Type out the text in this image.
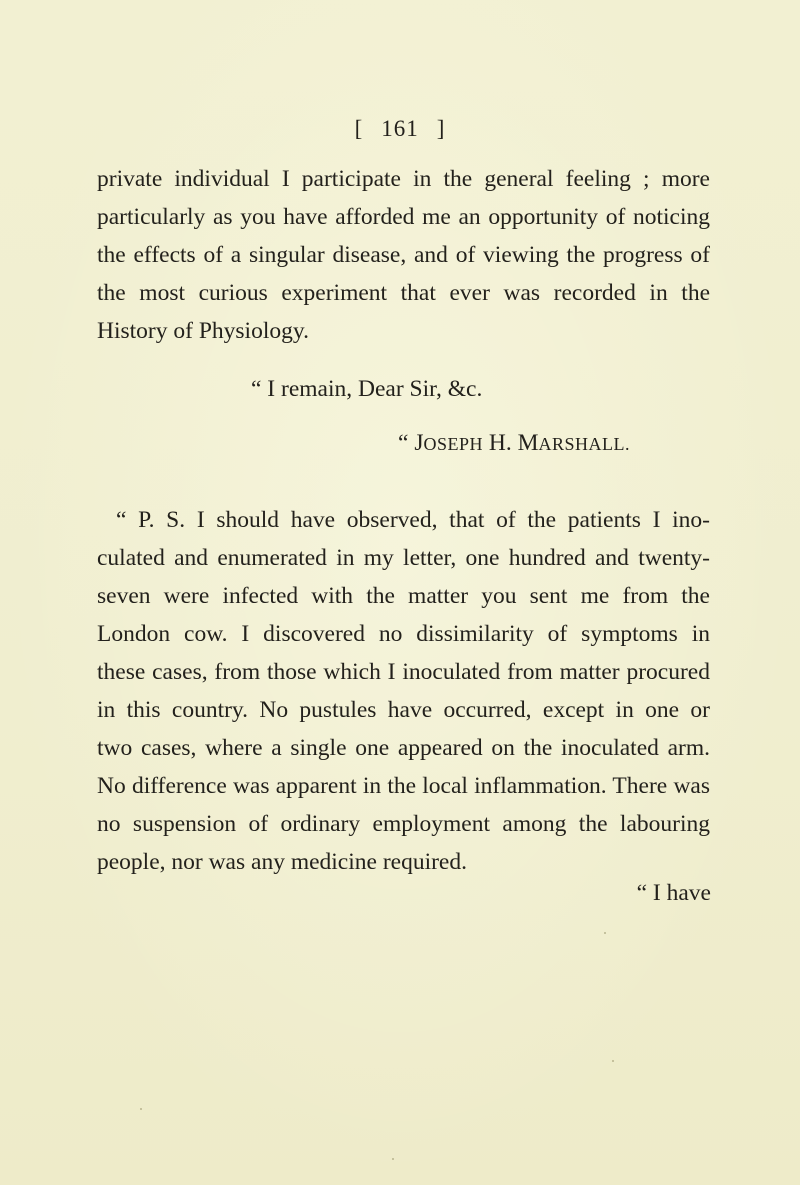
[ 161 ]
private individual I participate in the general feeling ; more
particularly as you have afforded me an opportunity of noticing
the effects of a singular disease, and of viewing the progress of
the most curious experiment that ever was recorded in the
History of Physiology.
“ I remain, Dear Sir, &c.
“ JOSEPH H. MARSHALL.
“ P. S. I should have observed, that of the patients I ino-
culated and enumerated in my letter, one hundred and twenty-
seven were infected with the matter you sent me from the
London cow. I discovered no dissimilarity of symptoms in
these cases, from those which I inoculated from matter procured
in this country. No pustules have occurred, except in one or
two cases, where a single one appeared on the inoculated arm.
No difference was apparent in the local inflammation. There was
no suspension of ordinary employment among the labouring
people, nor was any medicine required.
“ I have
